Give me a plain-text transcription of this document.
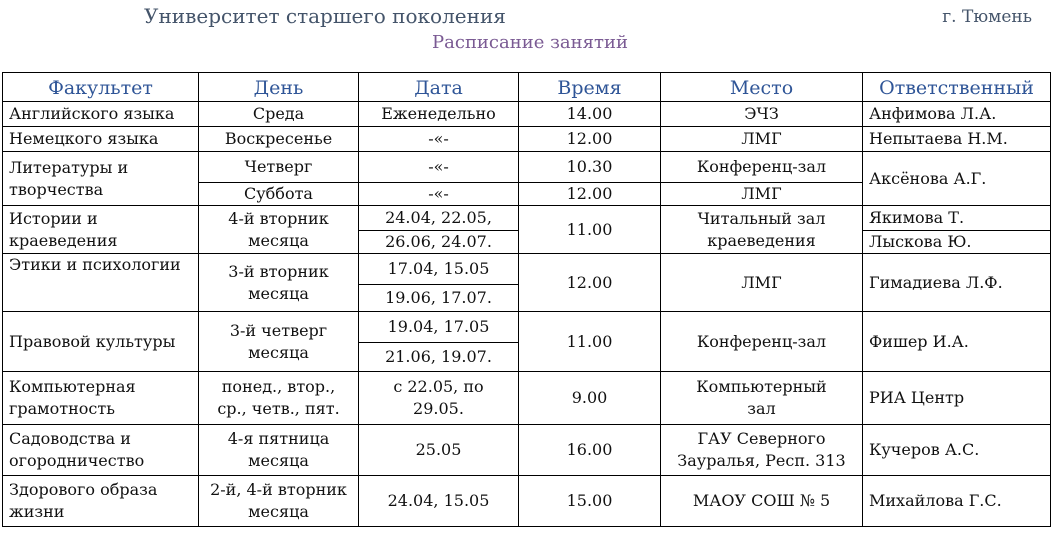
Университет старшего поколения	г. Тюмень
Расписание занятий
Факультет	День	Дата	Время	Место	Ответственный
Английского языка	Среда	Еженедельно	14.00	ЭЧЗ	Анфимова Л.А.
Немецкого языка	Воскресенье	-«-	12.00	ЛМГ	Непытаева Н.М.
Литературы и творчества	Четверг	-«-	10.30	Конференц-зал	Аксёнова А.Г.
	Суббота	-«-	12.00	ЛМГ	
Истории и краеведения	4-й вторник месяца	24.04, 22.05,	11.00	Читальный зал краеведения	Якимова Т.
		26.06, 24.07.			Лыскова Ю.
Этики и психологии	3-й вторник месяца	17.04, 15.05	12.00	ЛМГ	Гимадиева Л.Ф.
		19.06, 17.07.			
Правовой культуры	3-й четверг месяца	19.04, 17.05	11.00	Конференц-зал	Фишер И.А.
		21.06, 19.07.			
Компьютерная грамотность	понед., втор., ср., четв., пят.	с 22.05, по 29.05.	9.00	Компьютерный зал	РИА Центр
Садоводства и огородничество	4-я пятница месяца	25.05	16.00	ГАУ Северного Зауралья, Респ. 313	Кучеров А.С.
Здорового образа жизни	2-й, 4-й вторник месяца	24.04, 15.05	15.00	МАОУ СОШ № 5	Михайлова Г.С.
